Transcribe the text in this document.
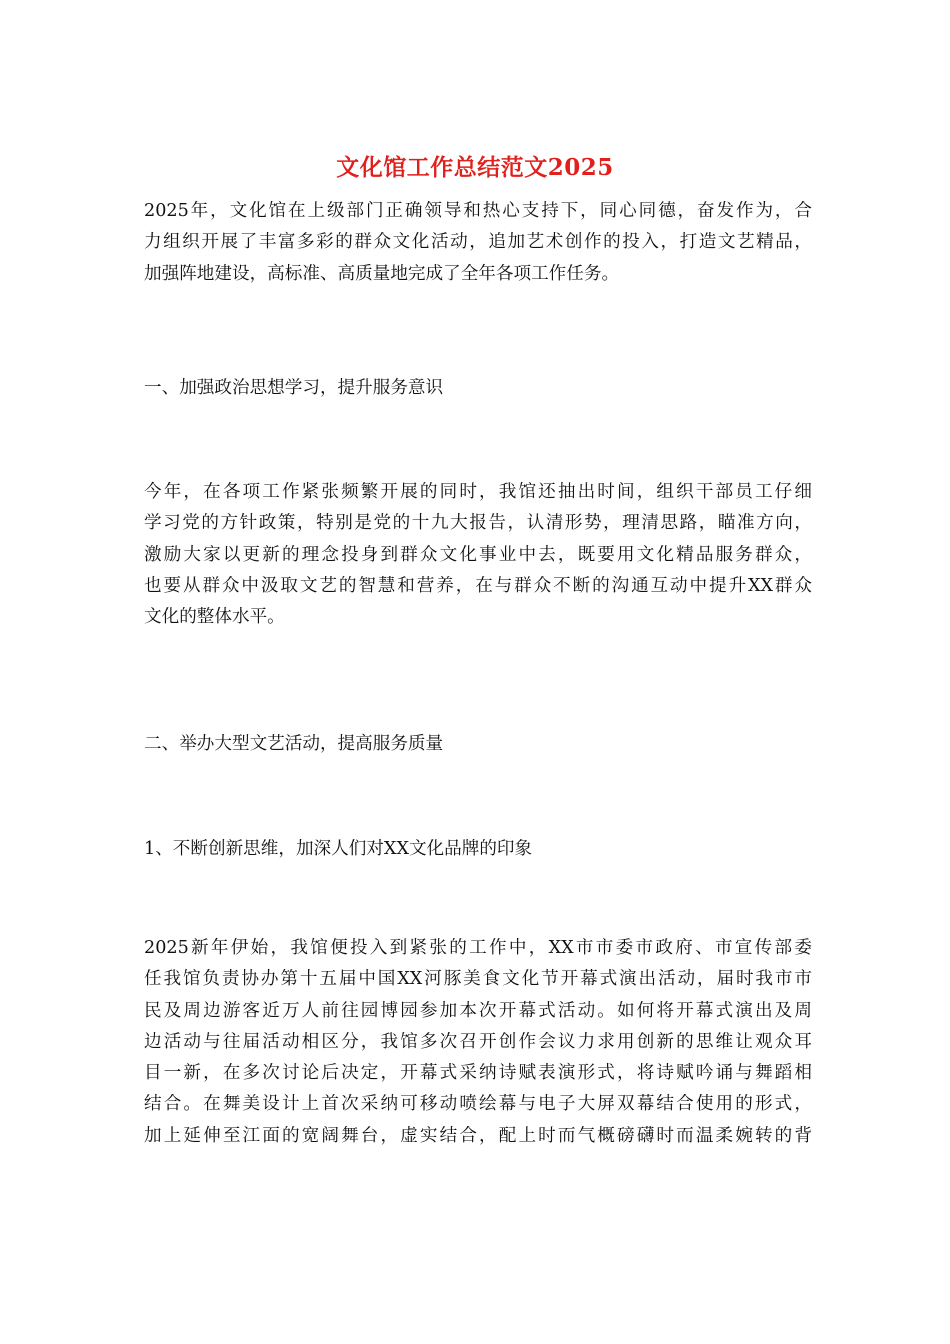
文化馆工作总结范文2025
2025年，文化馆在上级部门正确领导和热心支持下，同心同德，奋发作为，合
力组织开展了丰富多彩的群众文化活动，追加艺术创作的投入，打造文艺精品，
加强阵地建设，高标准、高质量地完成了全年各项工作任务。
一、加强政治思想学习，提升服务意识
今年，在各项工作紧张频繁开展的同时，我馆还抽出时间，组织干部员工仔细
学习党的方针政策，特别是党的十九大报告，认清形势，理清思路，瞄准方向，
激励大家以更新的理念投身到群众文化事业中去，既要用文化精品服务群众，
也要从群众中汲取文艺的智慧和营养，在与群众不断的沟通互动中提升XX群众
文化的整体水平。
二、举办大型文艺活动，提高服务质量
1、不断创新思维，加深人们对XX文化品牌的印象
2025新年伊始，我馆便投入到紧张的工作中，XX市市委市政府、市宣传部委
任我馆负责协办第十五届中国XX河豚美食文化节开幕式演出活动，届时我市市
民及周边游客近万人前往园博园参加本次开幕式活动。如何将开幕式演出及周
边活动与往届活动相区分，我馆多次召开创作会议力求用创新的思维让观众耳
目一新，在多次讨论后决定，开幕式采纳诗赋表演形式，将诗赋吟诵与舞蹈相
结合。在舞美设计上首次采纳可移动喷绘幕与电子大屏双幕结合使用的形式，
加上延伸至江面的宽阔舞台，虚实结合，配上时而气概磅礴时而温柔婉转的背
